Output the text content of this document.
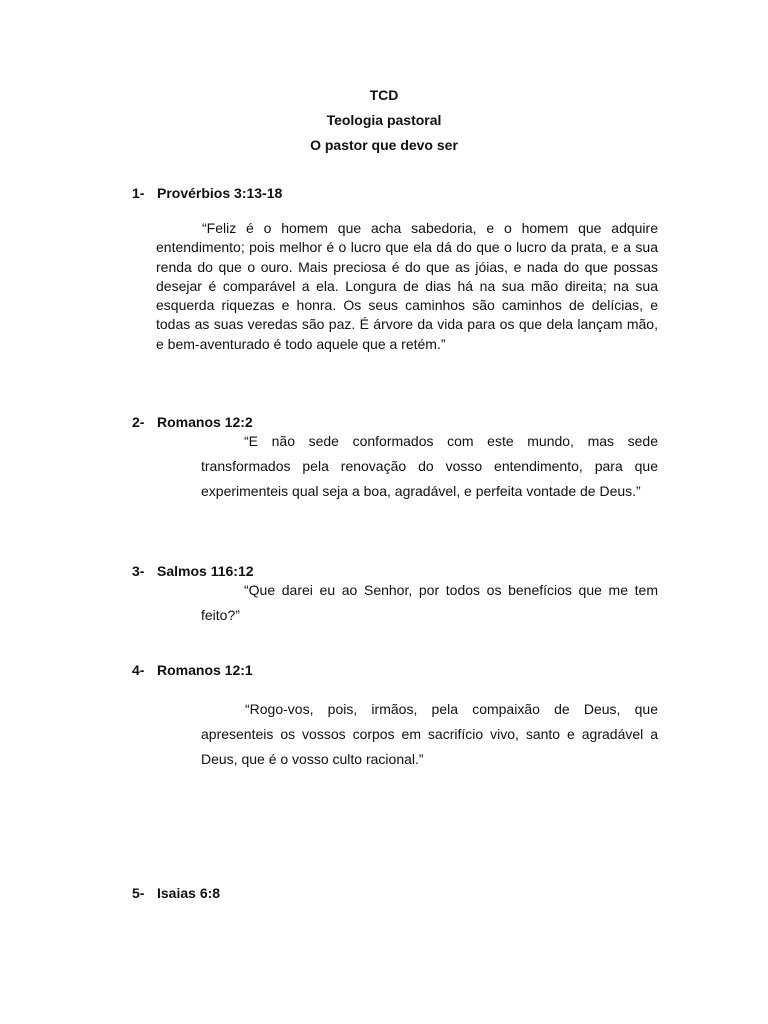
TCD
Teologia pastoral
O pastor que devo ser
1- Provérbios 3:13-18

“Feliz é o homem que acha sabedoria, e o homem que adquire entendimento; pois melhor é o lucro que ela dá do que o lucro da prata, e a sua renda do que o ouro. Mais preciosa é do que as jóias, e nada do que possas desejar é comparável a ela. Longura de dias há na sua mão direita; na sua esquerda riquezas e honra. Os seus caminhos são caminhos de delícias, e todas as suas veredas são paz. É árvore da vida para os que dela lançam mão, e bem-aventurado é todo aquele que a retém.”

2- Romanos 12:2

“E não sede conformados com este mundo, mas sede transformados pela renovação do vosso entendimento, para que experimenteis qual seja a boa, agradável, e perfeita vontade de Deus.”

3- Salmos 116:12

“Que darei eu ao Senhor, por todos os benefícios que me tem feito?”

4- Romanos 12:1

“Rogo-vos, pois, irmãos, pela compaixão de Deus, que apresenteis os vossos corpos em sacrifício vivo, santo e agradável a Deus, que é o vosso culto racional.”

5- Isaias 6:8
